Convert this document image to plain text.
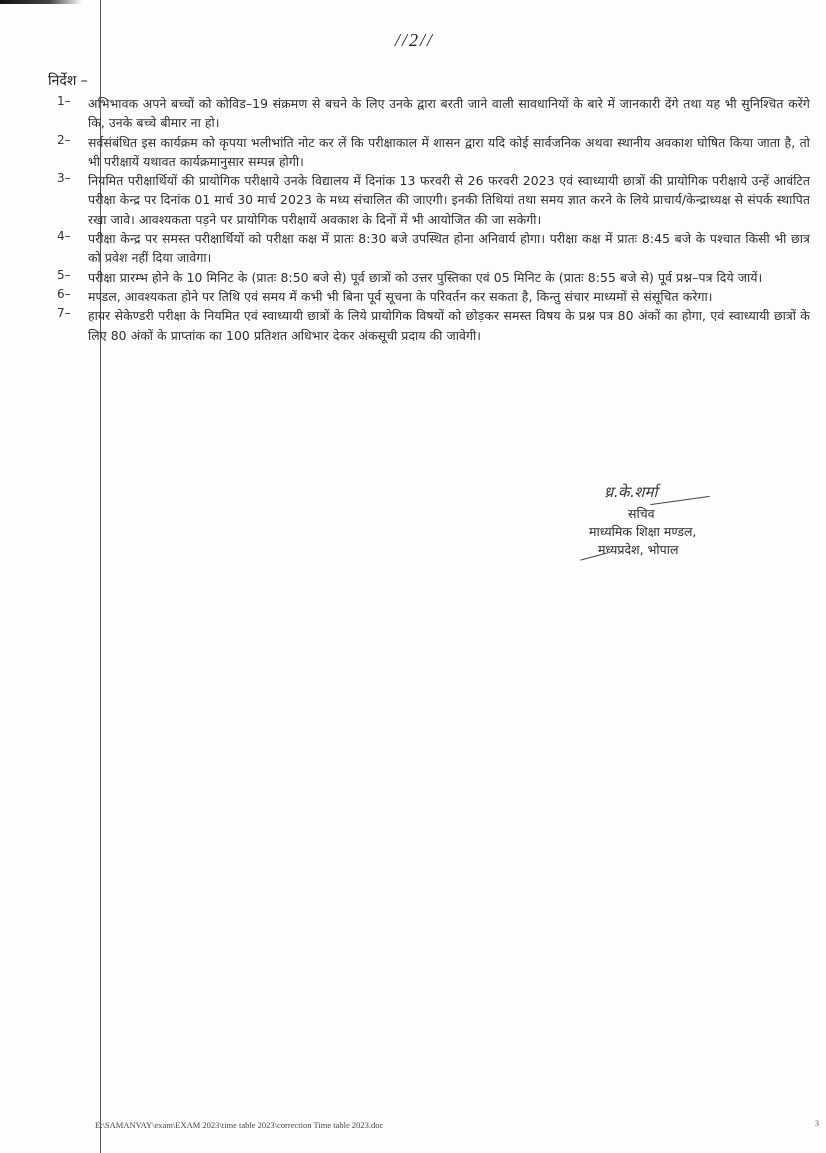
//2//
निर्देश –
1– अभिभावक अपने बच्चों को कोविड–19 संक्रमण से बचने के लिए उनके द्वारा बरती जाने वाली सावधानियों के बारे में जानकारी देंगे तथा यह भी सुनिश्चित करेंगे कि, उनके बच्चे बीमार ना हो।
2– सर्वसंबंधित इस कार्यक्रम को कृपया भलीभांति नोट कर लें कि परीक्षाकाल में शासन द्वारा यदि कोई सार्वजनिक अथवा स्थानीय अवकाश घोषित किया जाता है, तो भी परीक्षायें यथावत कार्यक्रमानुसार सम्पन्न होगी।
3– नियमित परीक्षार्थियों की प्रायोगिक परीक्षाये उनके विद्यालय में दिनांक 13 फरवरी से 26 फरवरी 2023 एवं स्वाध्यायी छात्रों की प्रायोगिक परीक्षाये उन्हें आवंटित परीक्षा केन्द्र पर दिनांक 01 मार्च 30 मार्च 2023 के मध्य संचालित की जाएगी। इनकी तिथियां तथा समय ज्ञात करने के लिये प्राचार्य/केन्द्राध्यक्ष से संपर्क स्थापित रखा जावे। आवश्यकता पड़ने पर प्रायोगिक परीक्षायें अवकाश के दिनों में भी आयोजित की जा सकेगी।
4– परीक्षा केन्द्र पर समस्त परीक्षार्थियों को परीक्षा कक्ष में प्रातः 8:30 बजे उपस्थित होना अनिवार्य होगा। परीक्षा कक्ष में प्रातः 8:45 बजे के पश्चात किसी भी छात्र को प्रवेश नहीं दिया जावेगा।
5– परीक्षा प्रारम्भ होने के 10 मिनिट के (प्रातः 8:50 बजे से) पूर्व छात्रों को उत्तर पुस्तिका एवं 05 मिनिट के (प्रातः 8:55 बजे से) पूर्व प्रश्न–पत्र दिये जायें।
6– मण्डल, आवश्यकता होने पर तिथि एवं समय में कभी भी बिना पूर्व सूचना के परिवर्तन कर सकता है, किन्तु संचार माध्यमों से संसूचित करेगा।
7– हायर सेकेण्डरी परीक्षा के नियमित एवं स्वाध्यायी छात्रों के लिये प्रायोगिक विषयों को छोड़कर समस्त विषय के प्रश्न पत्र 80 अंकों का होगा, एवं स्वाध्यायी छात्रों के लिए 80 अंकों के प्राप्तांक का 100 प्रतिशत अधिभार देकर अंकसूची प्रदाय की जावेगी।
ध्र.के.शर्मा
सचिव
माध्यमिक शिक्षा मण्डल,
मध्यप्रदेश, भोपाल
E:\SAMANVAY\exam\EXAM 2023\time table 2023\correction Time table 2023.doc	3
